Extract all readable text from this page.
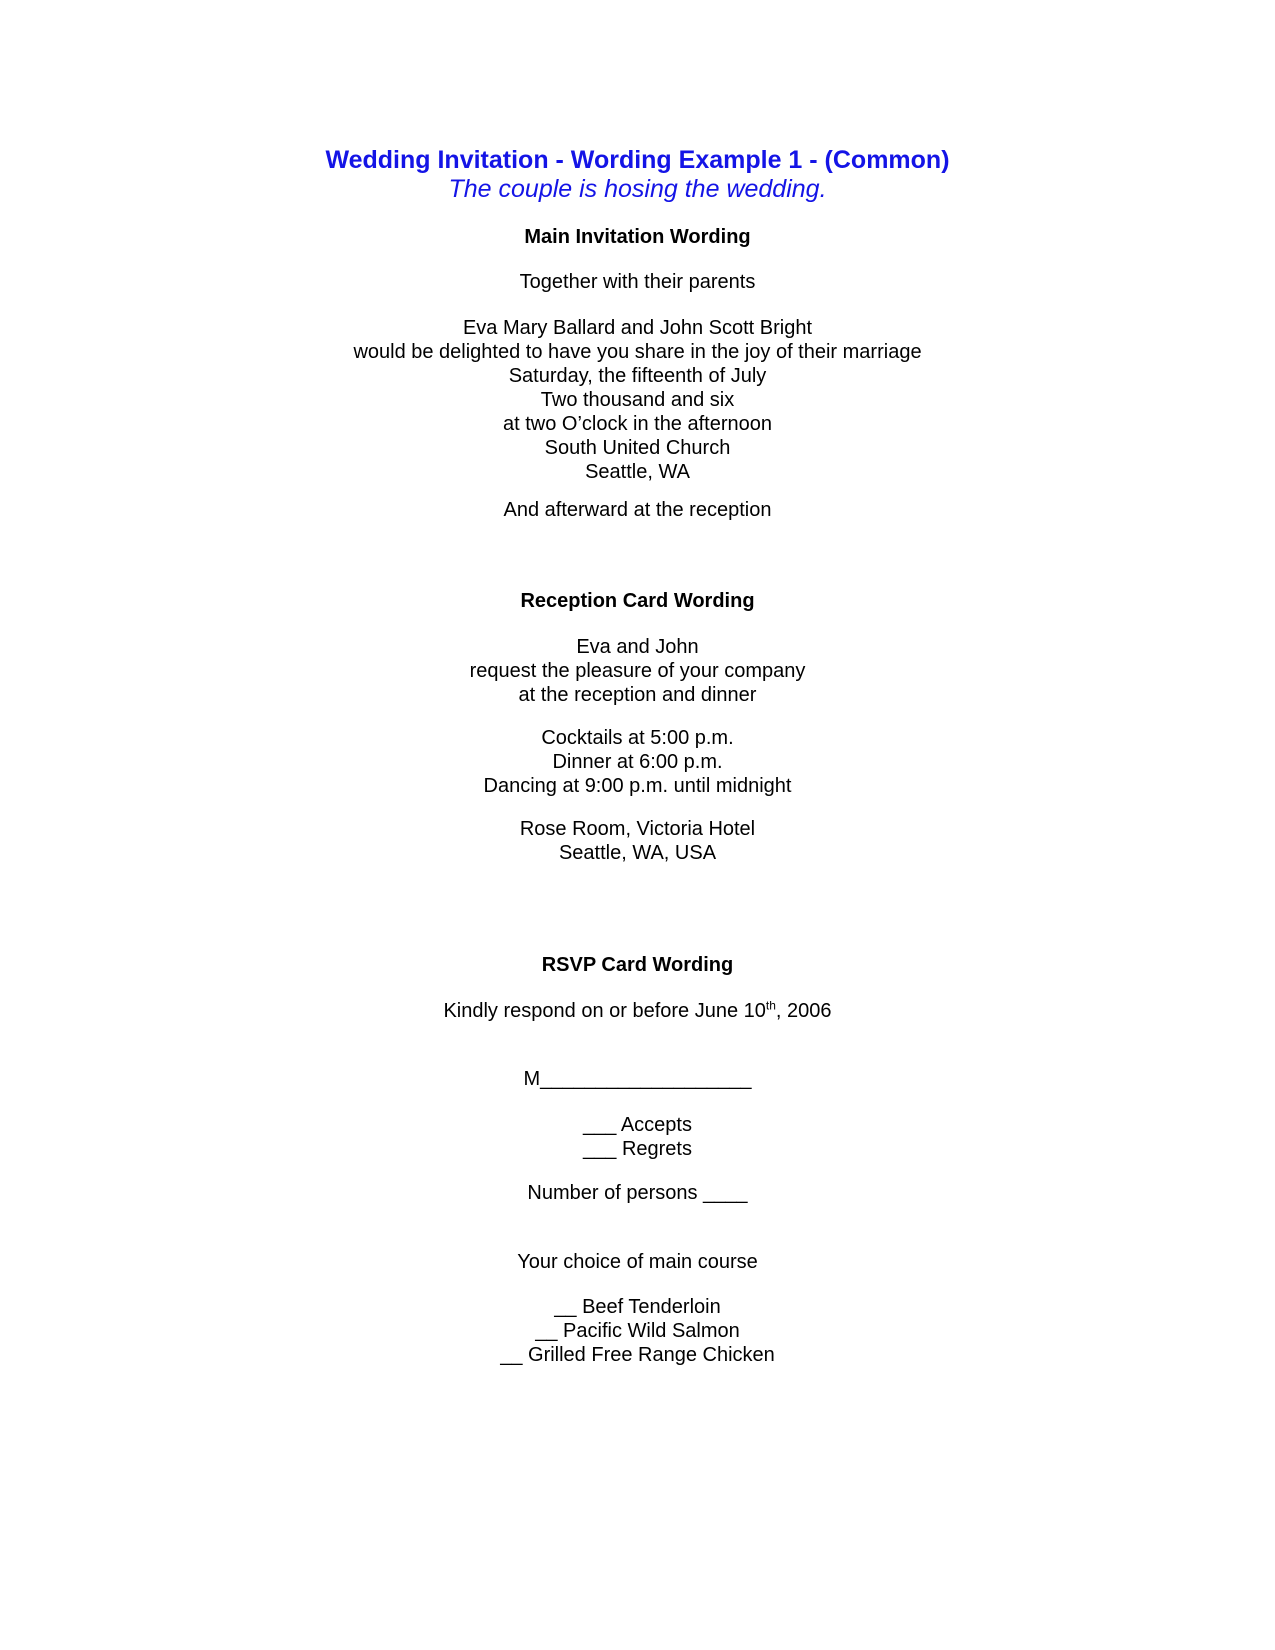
Wedding Invitation - Wording Example 1 - (Common)
The couple is hosing the wedding.
Main Invitation Wording
Together with their parents
Eva Mary Ballard and John Scott Bright
would be delighted to have you share in the joy of their marriage
Saturday, the fifteenth of July
Two thousand and six
at two O’clock in the afternoon
South United Church
Seattle, WA
And afterward at the reception
Reception Card Wording
Eva and John
request the pleasure of your company
at the reception and dinner
Cocktails at 5:00 p.m.
Dinner at 6:00 p.m.
Dancing at 9:00 p.m. until midnight
Rose Room, Victoria Hotel
Seattle, WA, USA
RSVP Card Wording
Kindly respond on or before June 10th, 2006
M___________________
___ Accepts
___ Regrets
Number of persons ____
Your choice of main course
__ Beef Tenderloin
__ Pacific Wild Salmon
__ Grilled Free Range Chicken
